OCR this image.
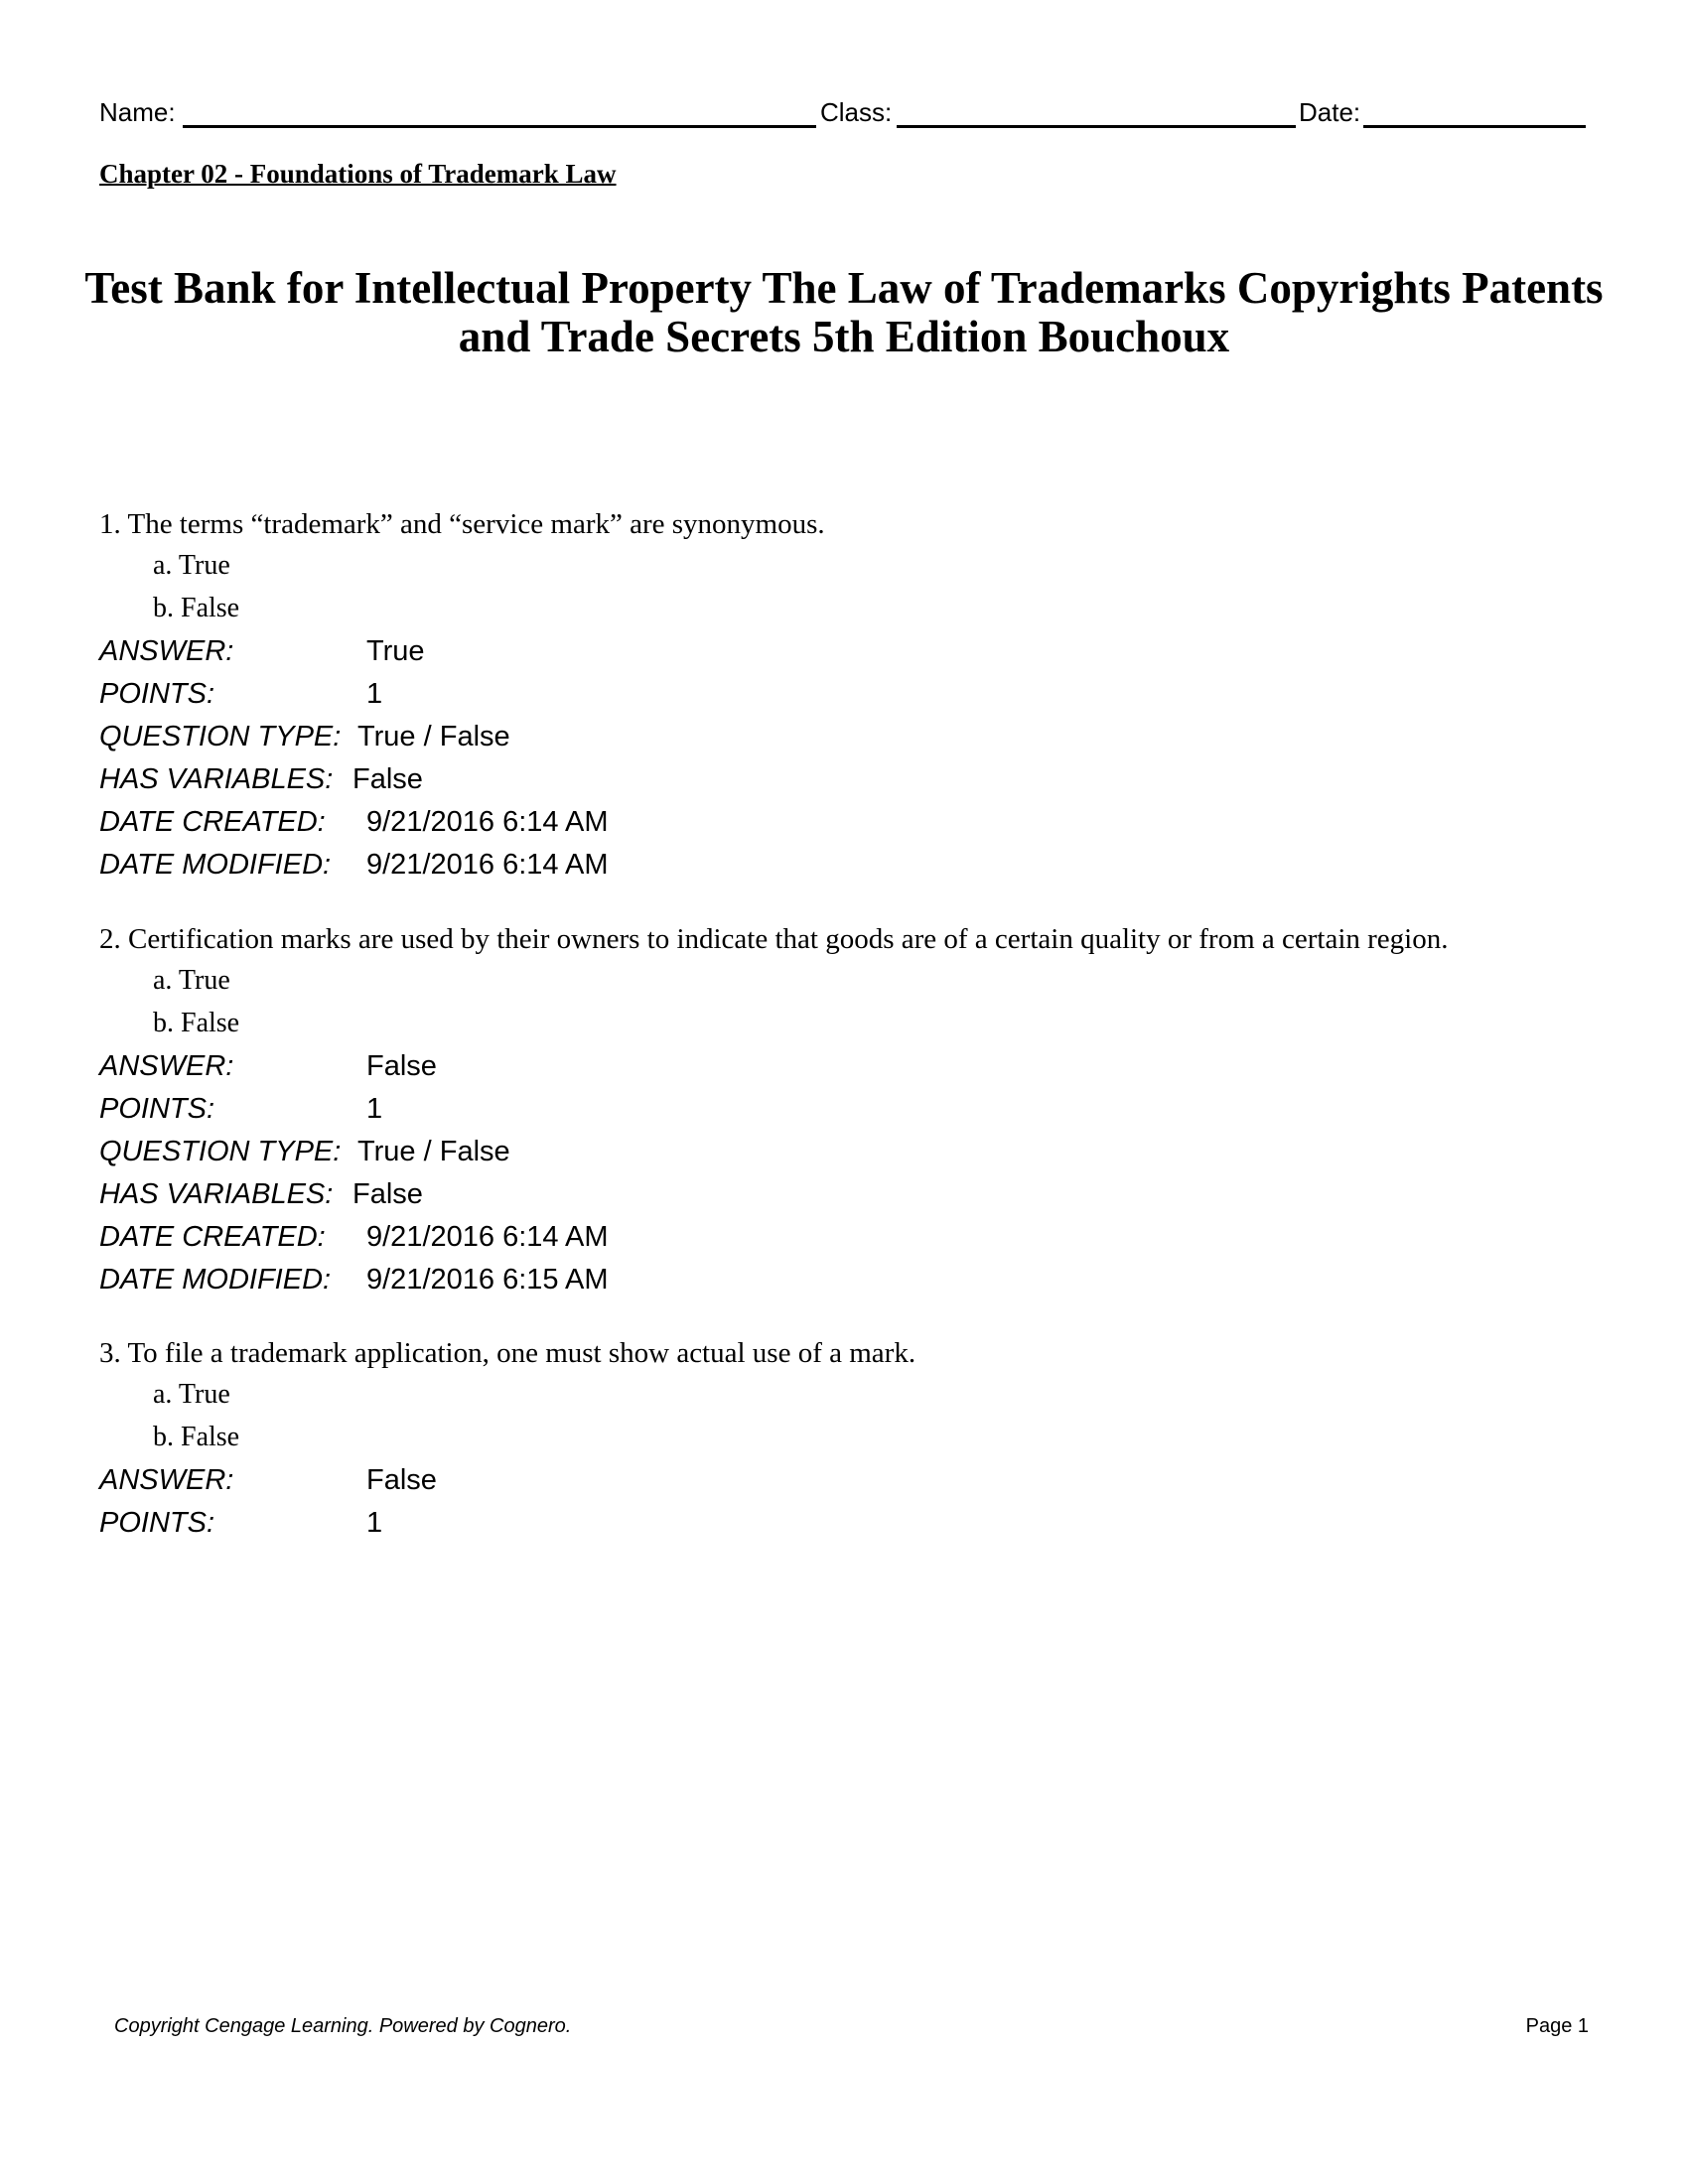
Name:	Class:	Date:
Chapter 02 - Foundations of Trademark Law
Test Bank for Intellectual Property The Law of Trademarks Copyrights Patents
and Trade Secrets 5th Edition Bouchoux
1. The terms “trademark” and “service mark” are synonymous.
a. True
b. False
ANSWER:	True
POINTS:	1
QUESTION TYPE: True / False
HAS VARIABLES: False
DATE CREATED: 9/21/2016 6:14 AM
DATE MODIFIED: 9/21/2016 6:14 AM
2. Certification marks are used by their owners to indicate that goods are of a certain quality or from a certain region.
a. True
b. False
ANSWER:	False
POINTS:	1
QUESTION TYPE: True / False
HAS VARIABLES: False
DATE CREATED: 9/21/2016 6:14 AM
DATE MODIFIED: 9/21/2016 6:15 AM
3. To file a trademark application, one must show actual use of a mark.
a. True
b. False
ANSWER:	False
POINTS:	1
Copyright Cengage Learning. Powered by Cognero.	Page 1
